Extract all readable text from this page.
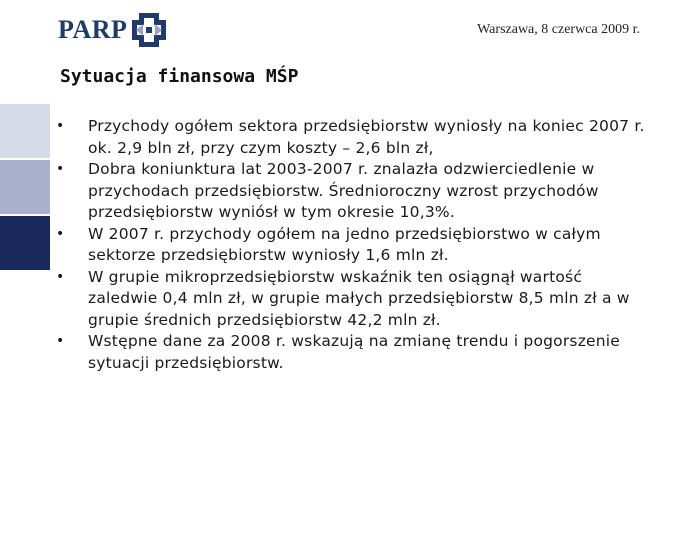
PARP	Warszawa, 8 czerwca 2009 r.
Sytuacja finansowa MŚP
• Przychody ogółem sektora przedsiębiorstw wyniosły na koniec 2007 r. ok. 2,9 bln zł, przy czym koszty – 2,6 bln zł,
• Dobra koniunktura lat 2003-2007 r. znalazła odzwierciedlenie w przychodach przedsiębiorstw. Średnioroczny wzrost przychodów przedsiębiorstw wyniósł w tym okresie 10,3%.
• W 2007 r. przychody ogółem na jedno przedsiębiorstwo w całym sektorze przedsiębiorstw wyniosły 1,6 mln zł.
• W grupie mikroprzedsiębiorstw wskaźnik ten osiągnął wartość zaledwie 0,4 mln zł, w grupie małych przedsiębiorstw 8,5 mln zł a w grupie średnich przedsiębiorstw 42,2 mln zł.
• Wstępne dane za 2008 r. wskazują na zmianę trendu i pogorszenie sytuacji przedsiębiorstw.
